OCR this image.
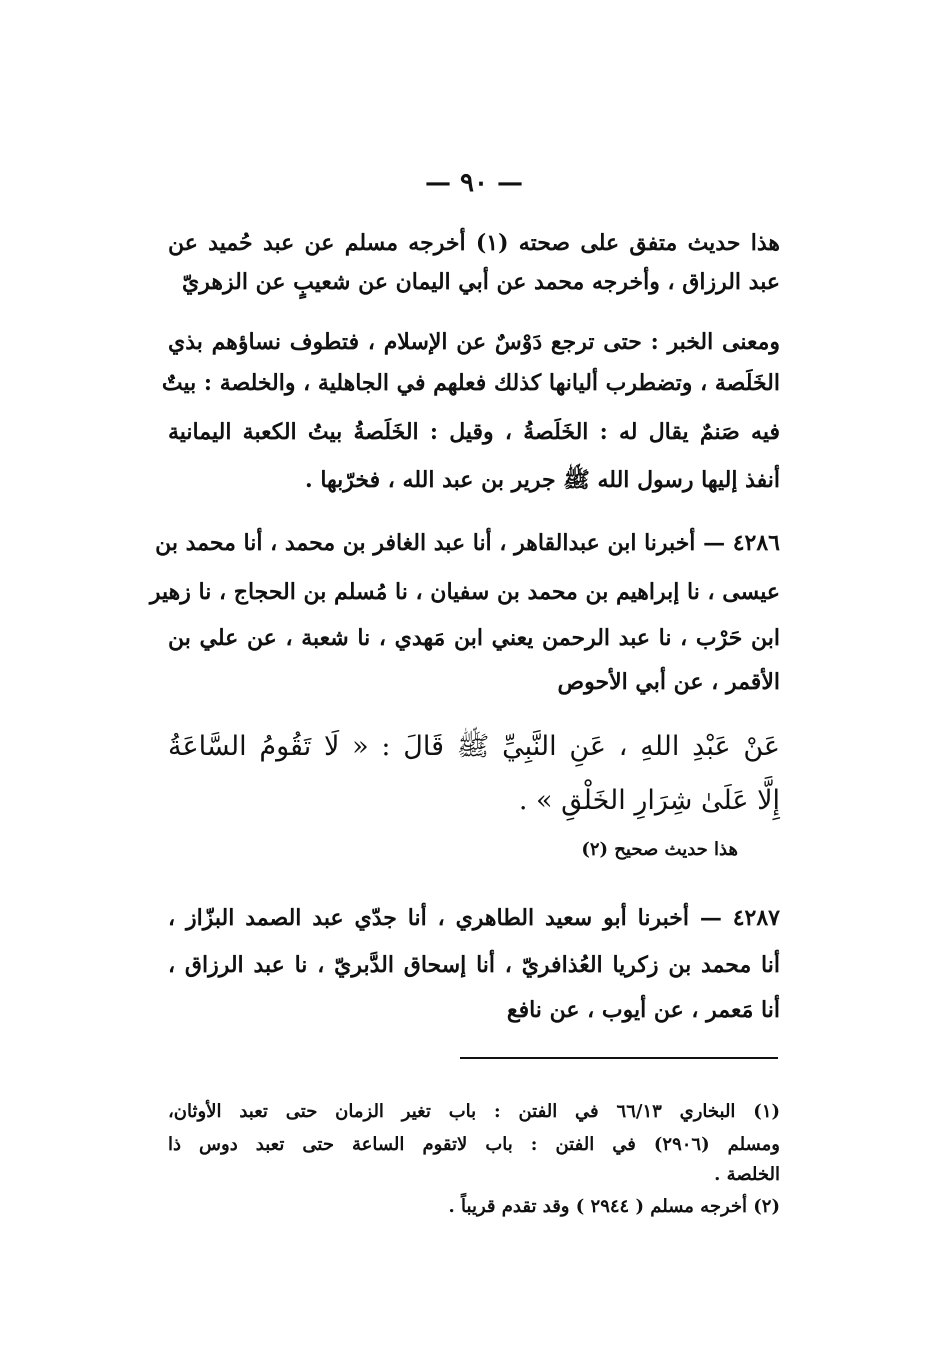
— ٩٠ —
هذا حديث متفق على صحته (١) أخرجه مسلم عن عبد حُميد عن
عبد الرزاق ، وأخرجه محمد عن أبي اليمان عن شعيبٍ عن الزهريّ
ومعنى الخبر : حتى ترجع دَوْسٌ عن الإسلام ، فتطوف نساؤهم بذي
الخَلَصة ، وتضطرب أليانها كذلك فعلهم في الجاهلية ، والخلصة : بيتٌ
فيه صَنمٌ يقال له : الخَلَصةُ ، وقيل : الخَلَصةُ بيتُ الكعبة اليمانية
أنفذ إليها رسول الله ﷺ جرير بن عبد الله ، فخرّبها .
٤٢٨٦ — أخبرنا ابن عبدالقاهر ، أنا عبد الغافر بن محمد ، أنا محمد بن
عيسى ، نا إبراهيم بن محمد بن سفيان ، نا مُسلم بن الحجاج ، نا زهير
ابن حَرْب ، نا عبد الرحمن يعني ابن مَهدي ، نا شعبة ، عن علي بن
الأقمر ، عن أبي الأحوص
عَنْ عَبْدِ اللهِ ، عَنِ النَّبِيِّ ﷺ قَالَ : « لَا تَقُومُ السَّاعَةُ
إِلَّا عَلَىٰ شِرَارِ الخَلْقِ » .
هذا حديث صحيح (٢)
٤٢٨٧ — أخبرنا أبو سعيد الطاهري ، أنا جدّي عبد الصمد البزّاز ،
أنا محمد بن زكريا العُذافريّ ، أنا إسحاق الدَّبريّ ، نا عبد الرزاق ،
أنا مَعمر ، عن أيوب ، عن نافع
(١) البخاري ٦٦/١٣ في الفتن : باب تغير الزمان حتى تعبد الأوثان،
ومسلم (٢٩٠٦) في الفتن : باب لاتقوم الساعة حتى تعبد دوس ذا
الخلصة .
(٢) أخرجه مسلم ( ٢٩٤٤ ) وقد تقدم قريباً .
